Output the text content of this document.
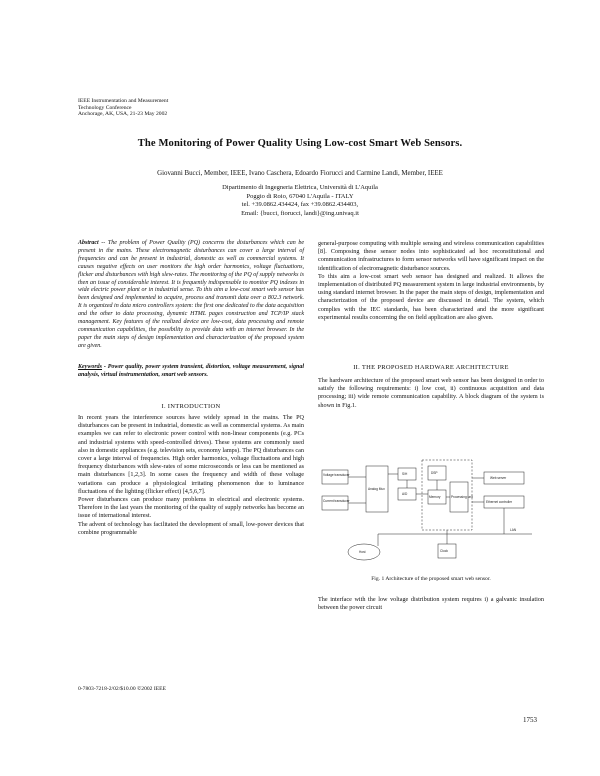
IEEE Instrumentation and Measurement
Technology Conference
Anchorage, AK, USA, 21-23 May 2002
The Monitoring of Power Quality Using Low-cost Smart Web Sensors.
Giovanni Bucci, Member, IEEE, Ivano Caschera, Edoardo Fiorucci and Carmine Landi, Member, IEEE
Dipartimento di Ingegneria Elettrica, Università di L'Aquila
Poggio di Roio, 67040 L'Aquila - ITALY
tel. +39.0862.434424, fax +39.0862.434403,
Email: {bucci, fiorucci, landi}@ing.univaq.it

Abstract -- The problem of Power Quality (PQ) concerns the disturbances which can be present in the mains. These electromagnetic disturbances can cover a large interval of frequencies and can be present in industrial, domestic as well as commercial systems. It causes negative effects on user monitors the high order harmonics, voltage fluctuations, flicker and disturbances with high slew-rates. The monitoring of the PQ of supply networks is then an issue of considerable interest. It is frequently indispensable to monitor PQ indexes in wide electric power plant or in industrial sense. To this aim a low-cost smart web sensor has been designed and implemented to acquire, process and transmit data over a 802.3 network. It is organized in data micro controllers system: the first one dedicated to the data acquisition and the other to data processing, dynamic HTML pages construction and TCP/IP stack management. Key features of the realized device are low-cost, data processing and remote communication capabilities, the possibility to provide data with an internet browser. In the paper the main steps of design implementation and characterization of the proposed system are given.

Keywords - Power quality, power system transient, distortion, voltage measurement, signal analysis, virtual instrumentation, smart web sensors.

I. INTRODUCTION

In recent years the interference sources have widely spread in the mains. The PQ disturbances can be present in industrial, domestic as well as commercial systems. As main examples we can refer to electronic power control with non-linear components (e.g. PCs and industrial systems with speed-controlled drives). These systems are commonly used also in domestic appliances (e.g. television sets, economy lamps). The PQ disturbances can cover a large interval of frequencies. High order harmonics, voltage fluctuations and high frequency disturbances with slew-rates of some microseconds or less can be mentioned as main disturbances [1,2,3]. In some cases the frequency and width of these voltage variations can produce a physiological irritating phenomenon due to luminance fluctuations of the lighting (flicker effect) [4,5,6,7].

Power disturbances can produce many problems in electrical and electronic systems. Therefore in the last years the monitoring of the quality of supply networks has become an issue of international interest.

The advent of technology has facilitated the development of small, low-power devices that combine programmable

general-purpose computing with multiple sensing and wireless communication capabilities [8]. Composing these sensor nodes into sophisticated ad hoc reconstitutional and communication infrastructures to form sensor networks will have significant impact on the identification of electromagnetic disturbance sources.

To this aim a low-cost smart web sensor has designed and realized. It allows the implementation of distributed PQ measurement system in large industrial environments, by using standard internet browser. In the paper the main steps of design, implementation and characterization of the proposed device are discussed in detail. The system, which complies with the IEC standards, has been characterized and the more significant experimental results concerning the on field application are also given.

II. THE PROPOSED HARDWARE ARCHITECTURE
The hardware architecture of the proposed smart web sensor has been designed in order to satisfy the following requirements: i) low cost, ii) continuous acquisition and data processing; iii) wide remote communication capability. A block diagram of the system is shown in Fig.1.
Voltage transducer
Current transducer
Analog Mux
S/H
A/D
DSP
Memory	Processing unit
Web server
Ethernet controller
LAN
Host	Clock
Fig. 1 Architecture of the proposed smart web sensor.
The interface with the low voltage distribution system requires i) a galvanic insulation between the power circuit
0-7803-7218-2/02/$10.00 ©2002 IEEE
1753
